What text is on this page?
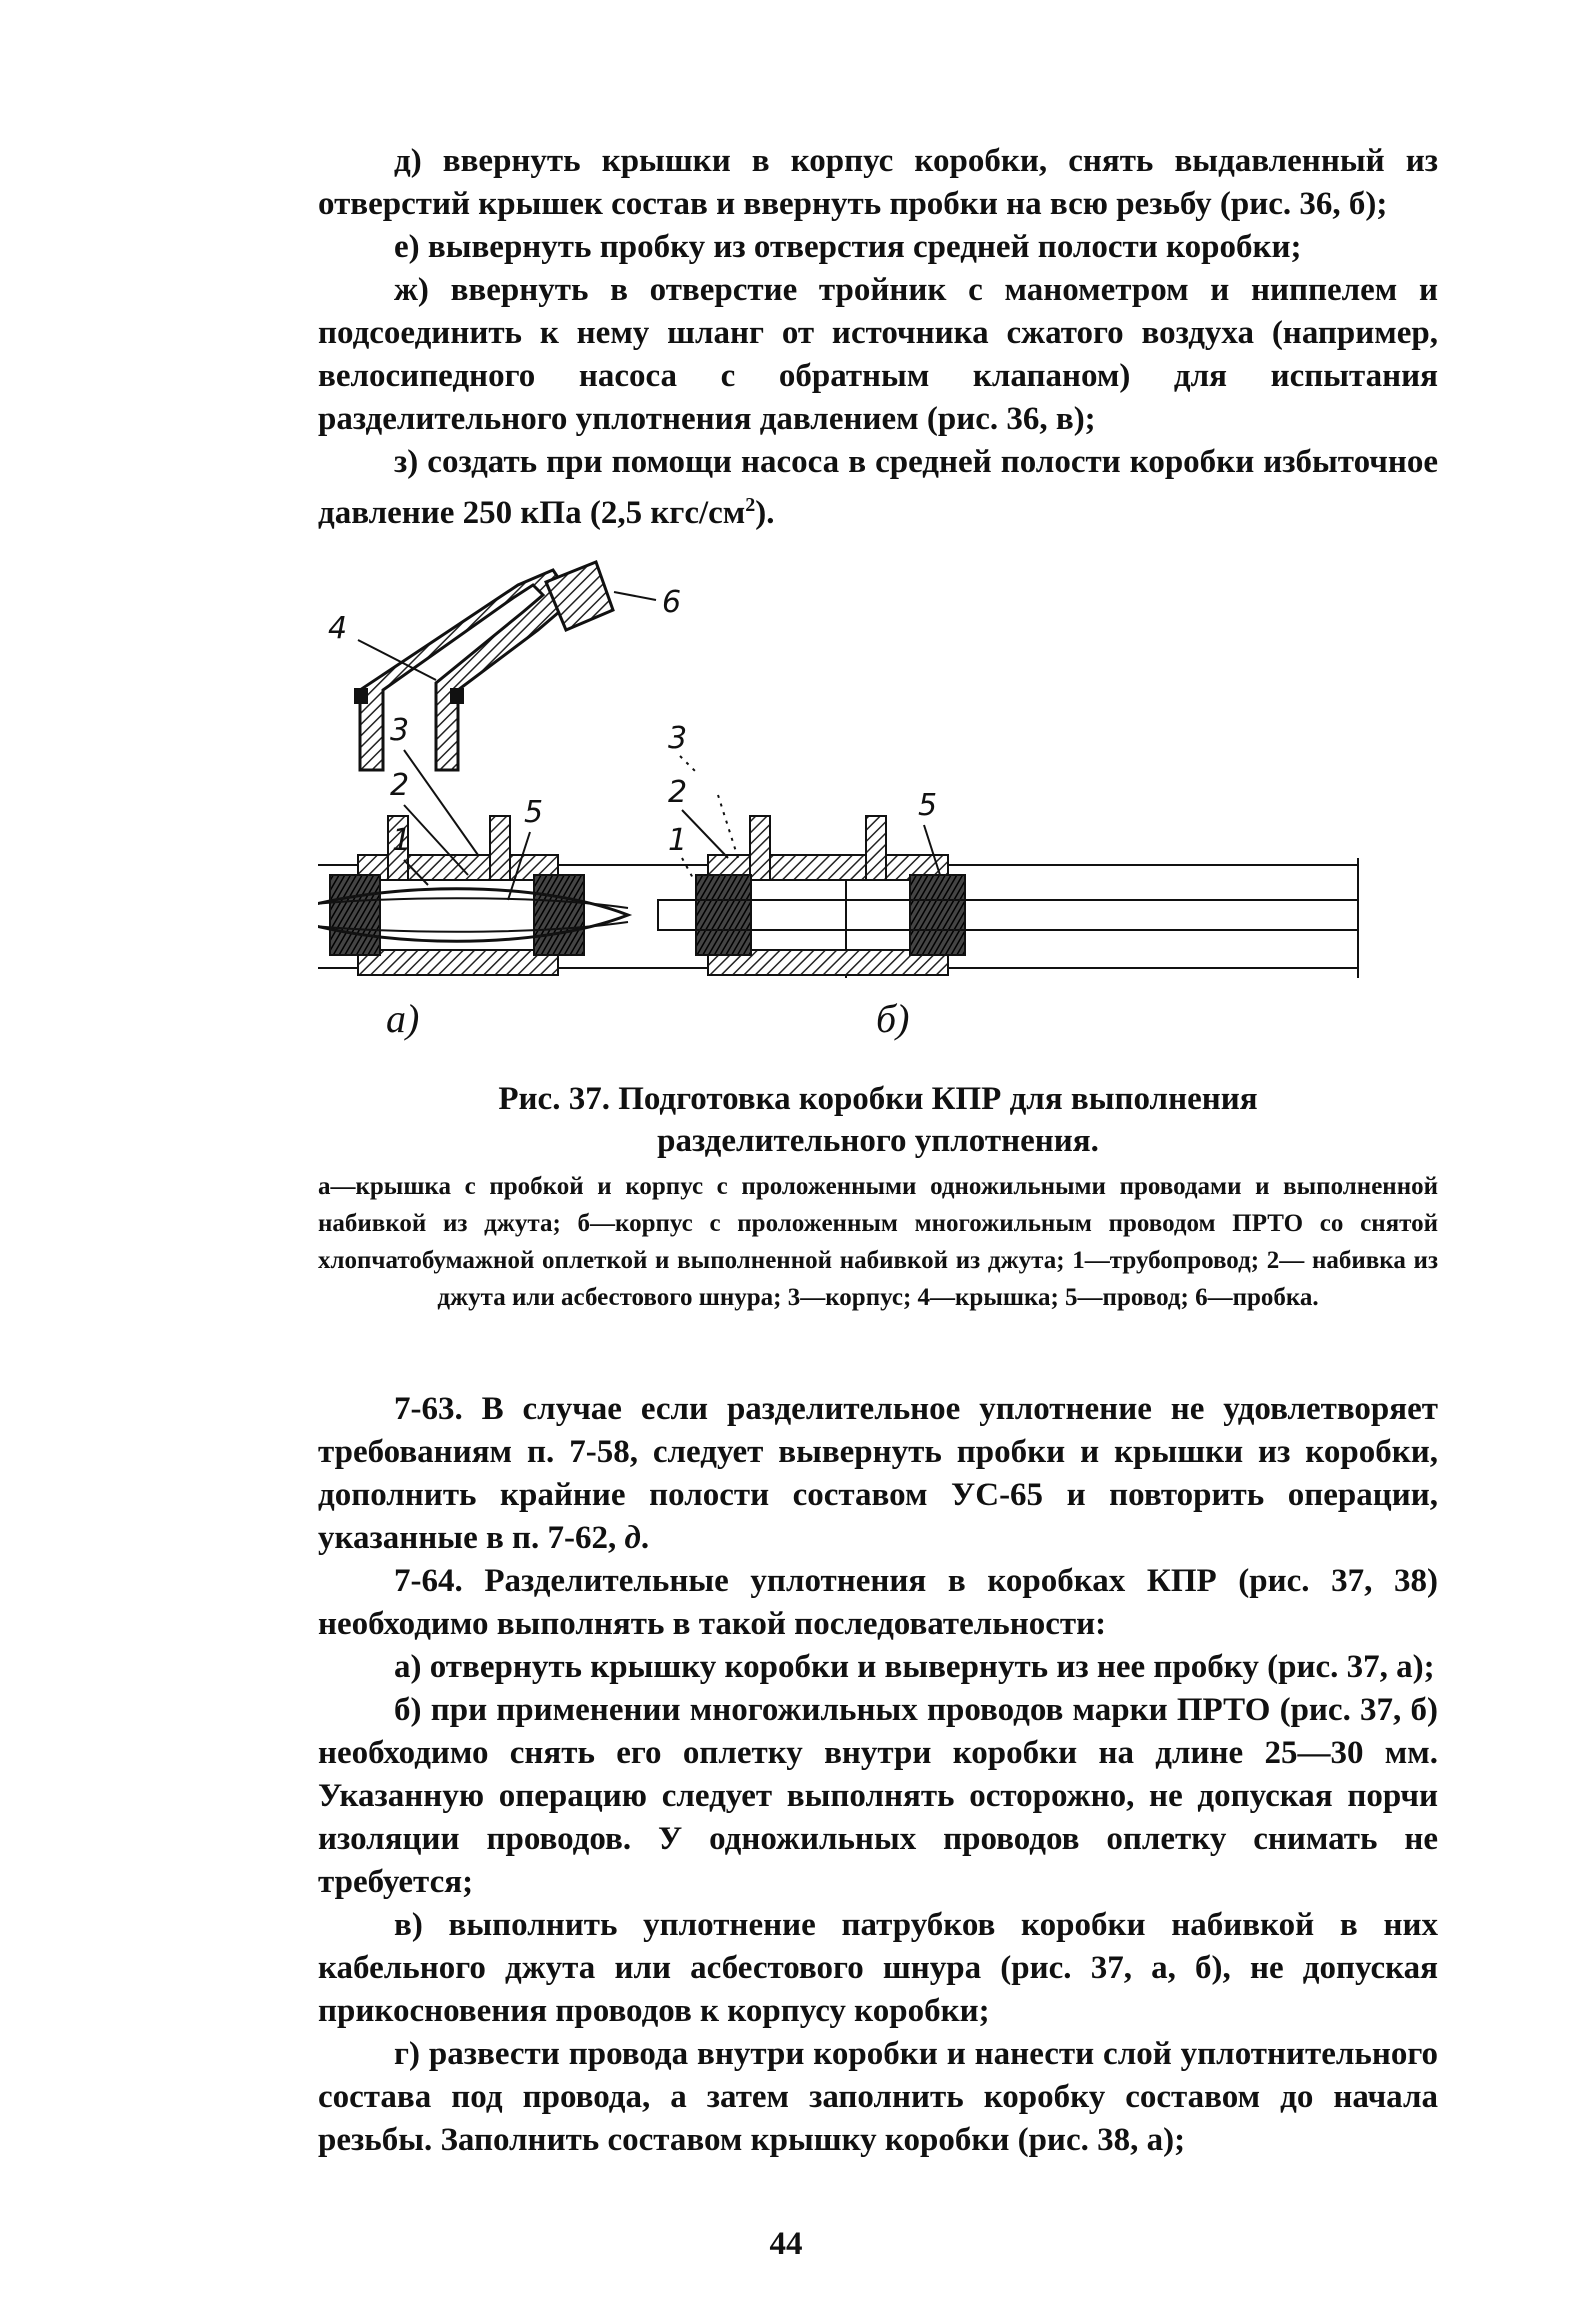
д) ввернуть крышки в корпус коробки, снять выдавленный из отверстий крышек состав и ввернуть пробки на всю резьбу (рис. 36, б);

е) вывернуть пробку из отверстия средней полости коробки;

ж) ввернуть в отверстие тройник с манометром и ниппелем и подсоединить к нему шланг от источника сжатого воздуха (например, велосипедного насоса с обратным клапаном) для испытания разделительного уплотнения давлением (рис. 36, в);

з) создать при помощи насоса в средней полости коробки избыточное давление 250 кПа (2,5 кгс/$см^2$).

6
4
3
2
1
5
а)
3
2
1
5
б)
Рис. 37. Подготовка коробки КПР для выполнения
разделительного уплотнения.

а—крышка с пробкой и корпус с проложенными одножильными проводами и выполненной набивкой из джута; б—корпус с проложенным многожильным проводом ПРТО со снятой хлопчатобумажной оплеткой и выполненной набивкой из джута; 1—трубопровод; 2— набивка из джута или асбестового шнура; 3—корпус; 4—крышка; 5—провод; 6—пробка.

7-63. В случае если разделительное уплотнение не удовлетворяет требованиям п. 7-58, следует вывернуть пробки и крышки из коробки, дополнить крайние полости составом УС-65 и повторить операции, указанные в п. 7-62, д.

7-64. Разделительные уплотнения в коробках КПР (рис. 37, 38) необходимо выполнять в такой последовательности:

а) отвернуть крышку коробки и вывернуть из нее пробку (рис. 37, а);

б) при применении многожильных проводов марки ПРТО (рис. 37, б) необходимо снять его оплетку внутри коробки на длине 25—30 мм. Указанную операцию следует выполнять осторожно, не допуская порчи изоляции проводов. У одножильных проводов оплетку снимать не требуется;

в) выполнить уплотнение патрубков коробки набивкой в них кабельного джута или асбестового шнура (рис. 37, а, б), не допуская прикосновения проводов к корпусу коробки;

г) развести провода внутри коробки и нанести слой уплотнительного состава под провода, а затем заполнить коробку составом до начала резьбы. Заполнить составом крышку коробки (рис. 38, а);

44
